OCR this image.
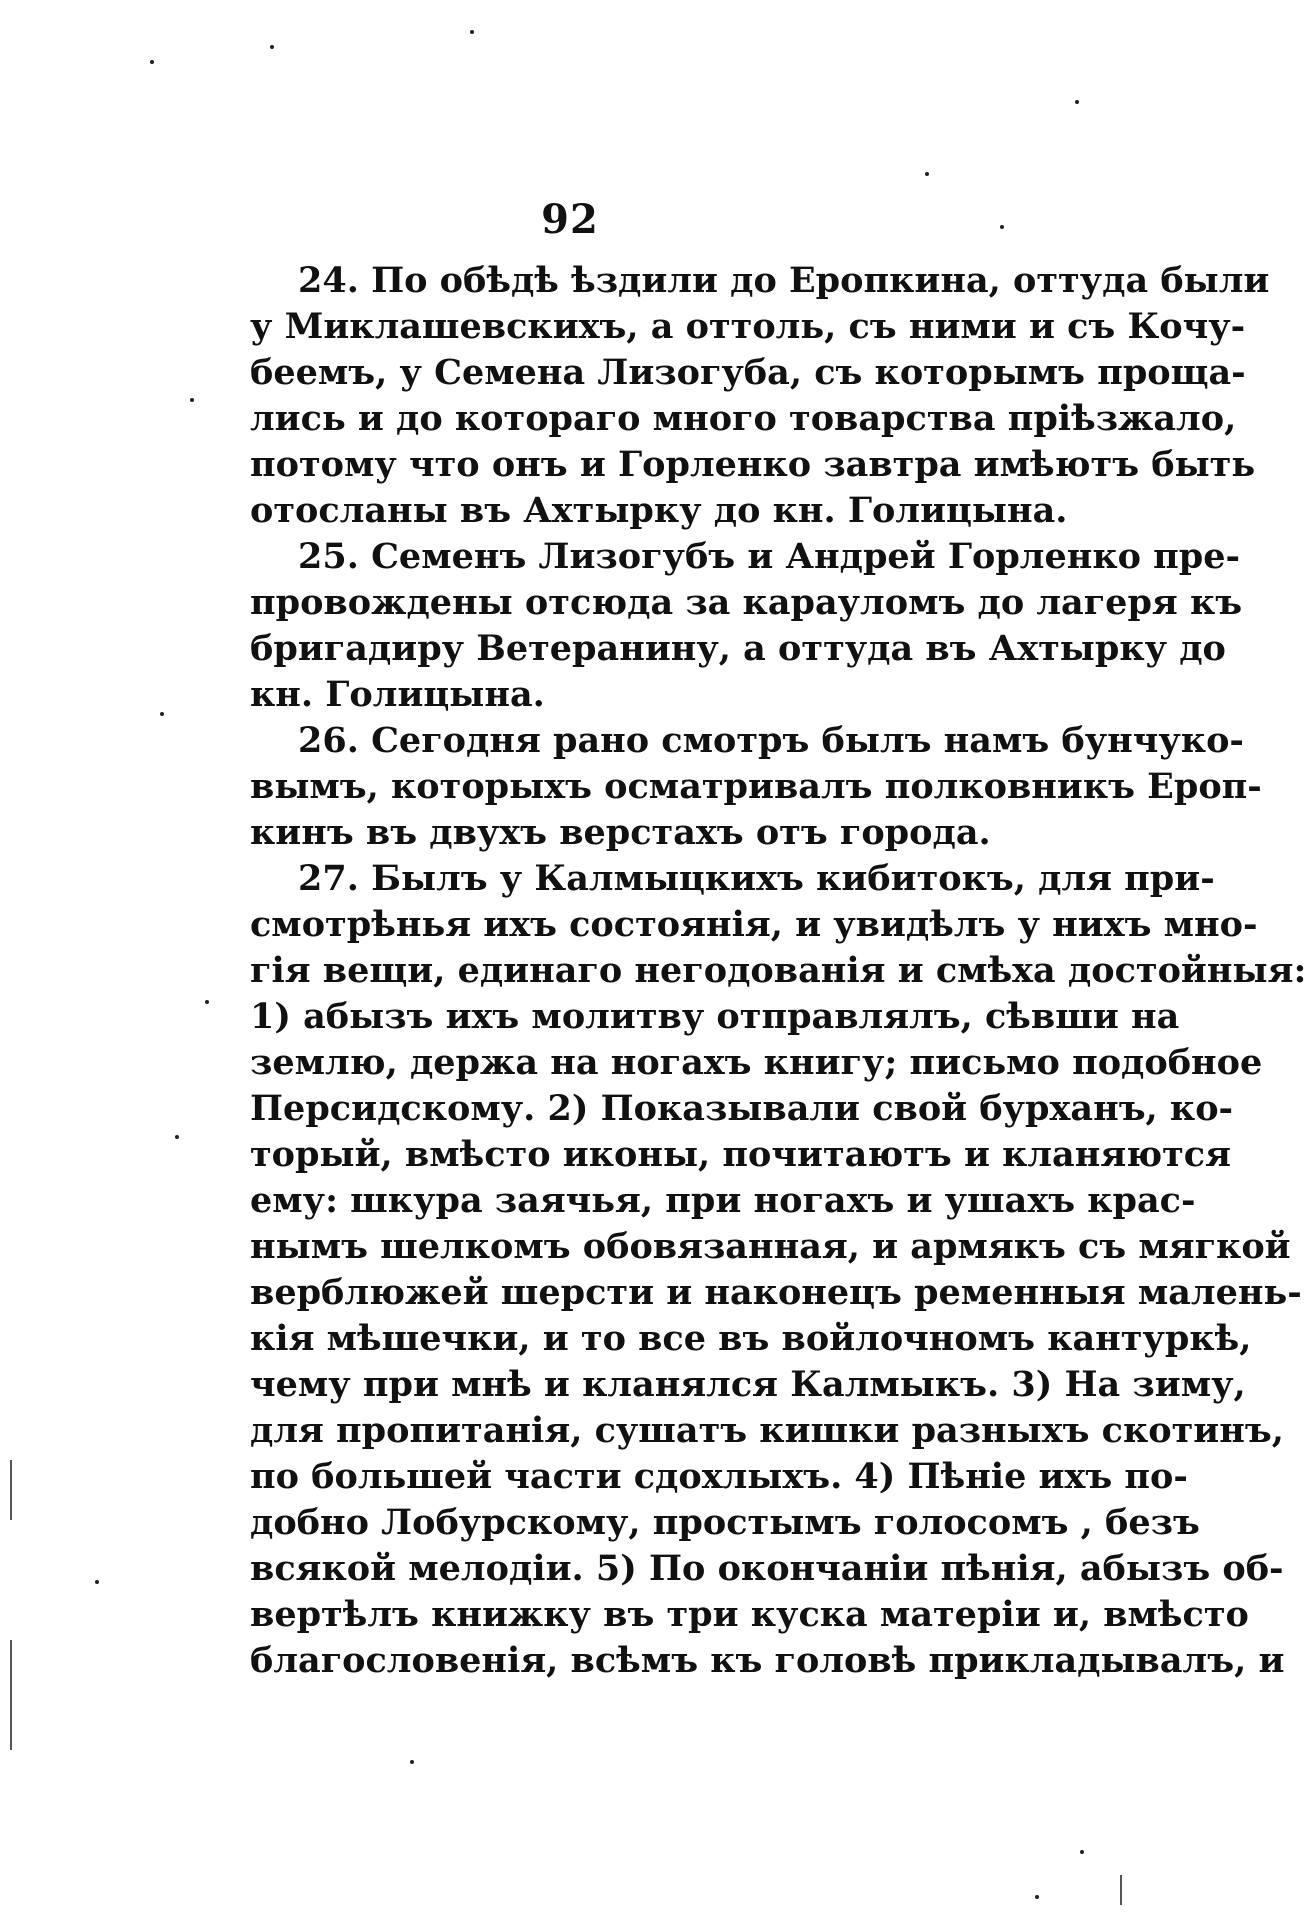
92
24. По обѣдѣ ѣздили до Еропкина, оттуда были
у Миклашевскихъ, а оттоль, съ ними и съ Кочу-
беемъ, у Семена Лизогуба, съ которымъ проща-
лись и до котораго много товарства прiѣзжало,
потому что онъ и Горленко завтра имѣютъ быть
отосланы въ Ахтырку до кн. Голицына.
25. Семенъ Лизогубъ и Андрей Горленко пре-
провождены отсюда за карауломъ до лагеря къ
бригадиру Ветеранину, а оттуда въ Ахтырку до
кн. Голицына.
26. Сегодня рано смотръ былъ намъ бунчуко-
вымъ, которыхъ осматривалъ полковникъ Ероп-
кинъ въ двухъ верстахъ отъ города.
27. Былъ у Калмыцкихъ кибитокъ, для при-
смотрѣнья ихъ состоянiя, и увидѣлъ у нихъ мно-
гiя вещи, единаго негодованiя и смѣха достойныя:
1) абызъ ихъ молитву отправлялъ, сѣвши на
землю, держа на ногахъ книгу; письмо подобное
Персидскому. 2) Показывали свой бурханъ, ко-
торый, вмѣсто иконы, почитаютъ и кланяются
ему: шкура заячья, при ногахъ и ушахъ крас-
нымъ шелкомъ обовязанная, и армякъ съ мягкой
верблюжей шерсти и наконецъ ременныя малень-
кiя мѣшечки, и то все въ войлочномъ кантуркѣ,
чему при мнѣ и кланялся Калмыкъ. 3) На зиму,
для пропитанiя, сушатъ кишки разныхъ скотинъ,
по большей части сдохлыхъ. 4) Пѣнiе ихъ по-
добно Лобурскому, простымъ голосомъ , безъ
всякой мелодiи. 5) По окончанiи пѣнiя, абызъ об-
вертѣлъ книжку въ три куска матерiи и, вмѣсто
благословенiя, всѣмъ къ головѣ прикладывалъ, и
